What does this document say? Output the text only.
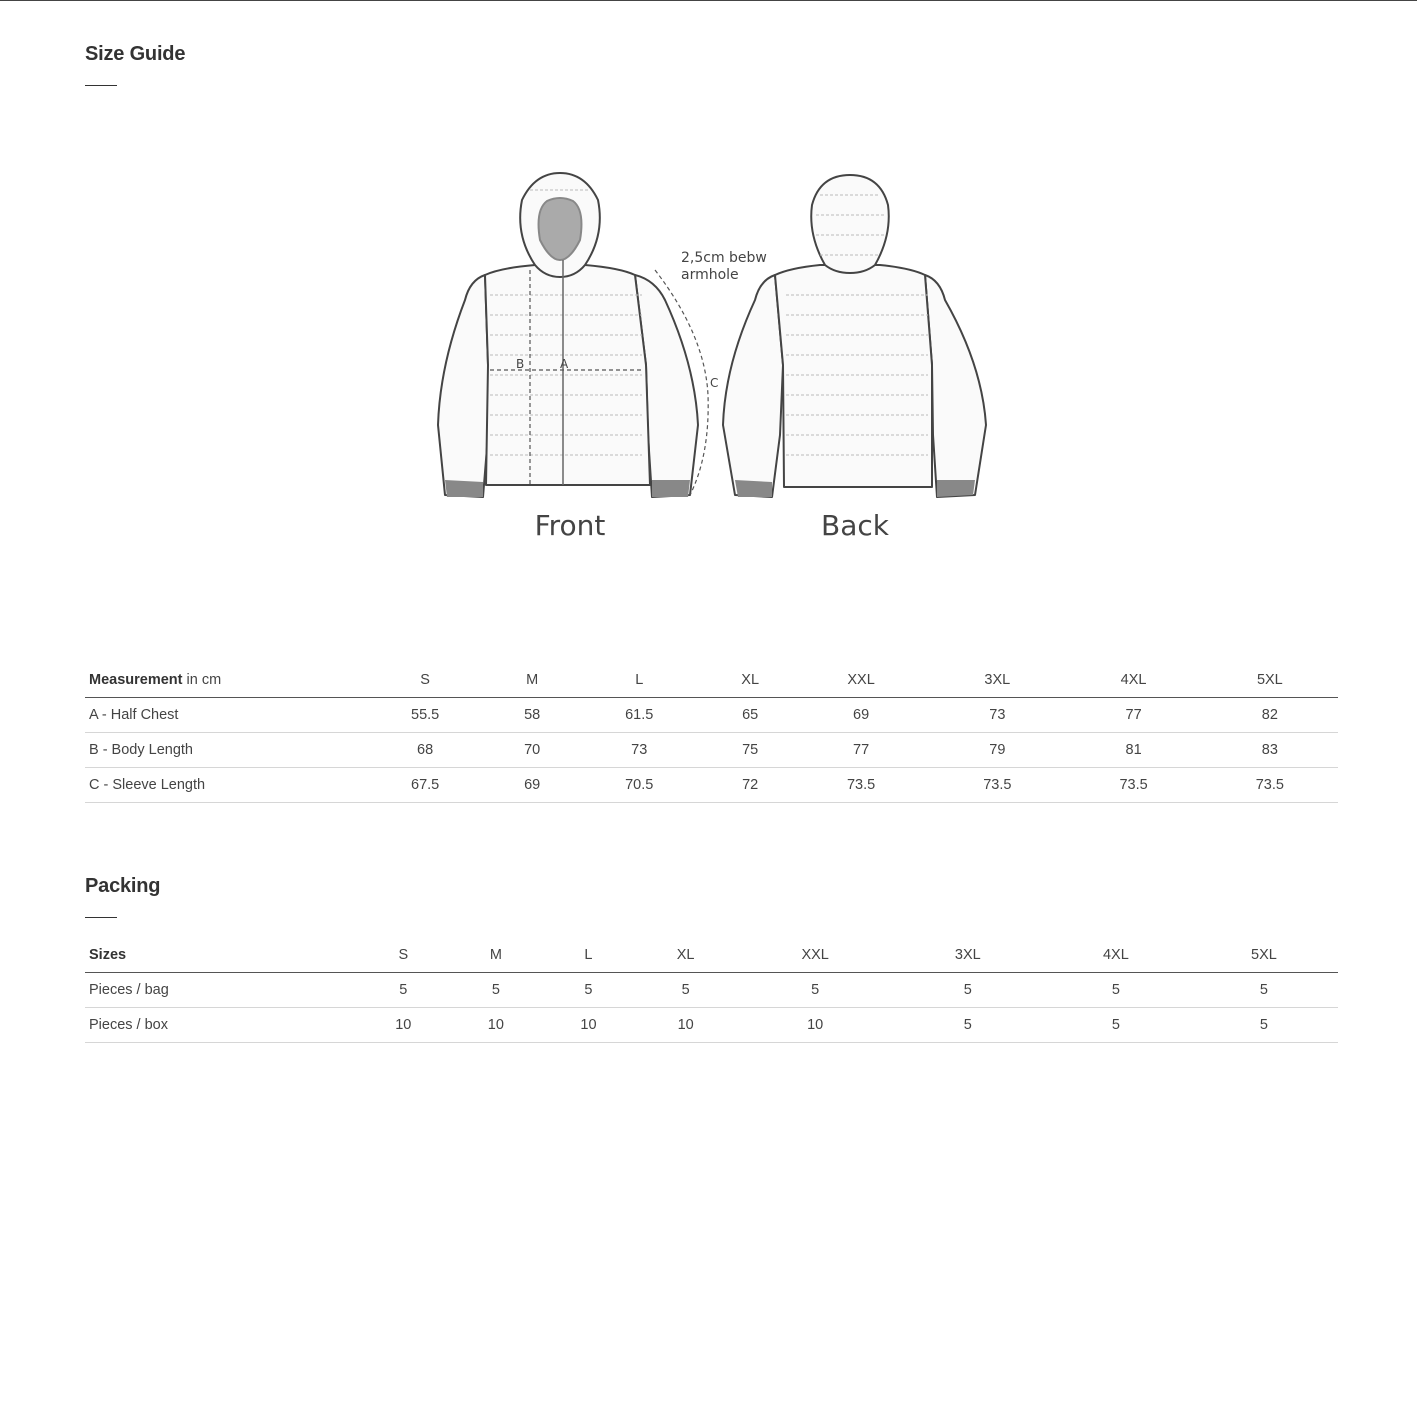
Size Guide
B	A
C
2,5cm bebw
armhole
Front	Back
Measurement in cm	S	M	L	XL	XXL	3XL	4XL	5XL
A - Half Chest	55.5	58	61.5	65	69	73	77	82
B - Body Length	68	70	73	75	77	79	81	83
C - Sleeve Length	67.5	69	70.5	72	73.5	73.5	73.5	73.5
Packing
Sizes	S	M	L	XL	XXL	3XL	4XL	5XL
Pieces / bag	5	5	5	5	5	5	5	5
Pieces / box	10	10	10	10	10	5	5	5
